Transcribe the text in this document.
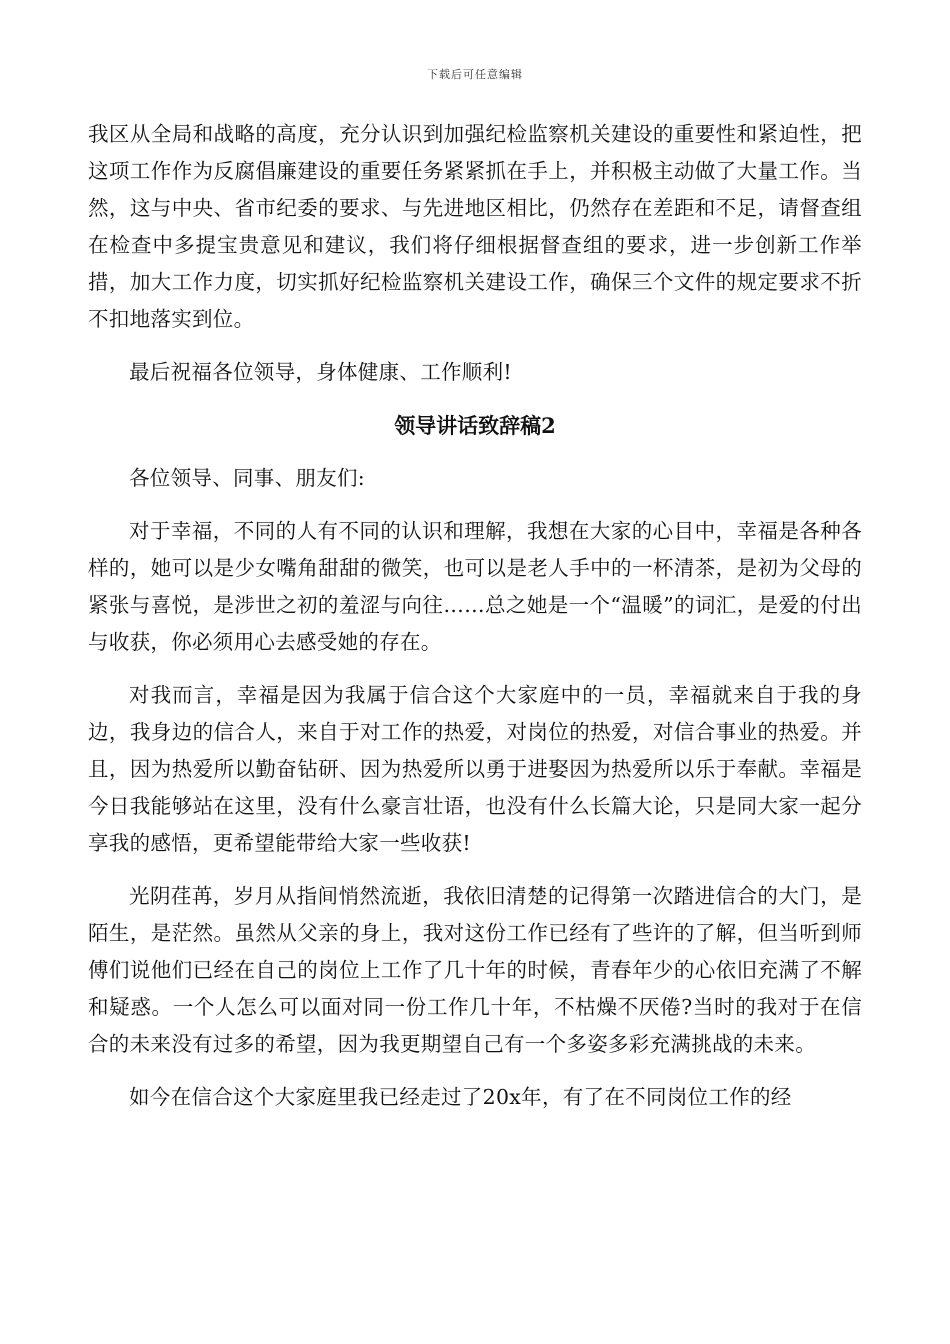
下载后可任意编辑

我区从全局和战略的高度，充分认识到加强纪检监察机关建设的重要性和紧迫性，把这项工作作为反腐倡廉建设的重要任务紧紧抓在手上，并积极主动做了大量工作。当然，这与中央、省市纪委的要求、与先进地区相比，仍然存在差距和不足，请督查组在检查中多提宝贵意见和建议，我们将仔细根据督查组的要求，进一步创新工作举措，加大工作力度，切实抓好纪检监察机关建设工作，确保三个文件的规定要求不折不扣地落实到位。

最后祝福各位领导，身体健康、工作顺利!

领导讲话致辞稿2

各位领导、同事、朋友们:

对于幸福，不同的人有不同的认识和理解，我想在大家的心目中，幸福是各种各样的，她可以是少女嘴角甜甜的微笑，也可以是老人手中的一杯清茶，是初为父母的紧张与喜悦，是涉世之初的羞涩与向往……总之她是一个“温暖”的词汇，是爱的付出与收获，你必须用心去感受她的存在。

对我而言，幸福是因为我属于信合这个大家庭中的一员，幸福就来自于我的身边，我身边的信合人，来自于对工作的热爱，对岗位的热爱，对信合事业的热爱。并且，因为热爱所以勤奋钻研、因为热爱所以勇于进娶因为热爱所以乐于奉献。幸福是今日我能够站在这里，没有什么豪言壮语，也没有什么长篇大论，只是同大家一起分享我的感悟，更希望能带给大家一些收获!

光阴荏苒，岁月从指间悄然流逝，我依旧清楚的记得第一次踏进信合的大门，是陌生，是茫然。虽然从父亲的身上，我对这份工作已经有了些许的了解，但当听到师傅们说他们已经在自己的岗位上工作了几十年的时候，青春年少的心依旧充满了不解和疑惑。一个人怎么可以面对同一份工作几十年，不枯燥不厌倦?当时的我对于在信合的未来没有过多的希望，因为我更期望自己有一个多姿多彩充满挑战的未来。

如今在信合这个大家庭里我已经走过了20x年，有了在不同岗位工作的经
